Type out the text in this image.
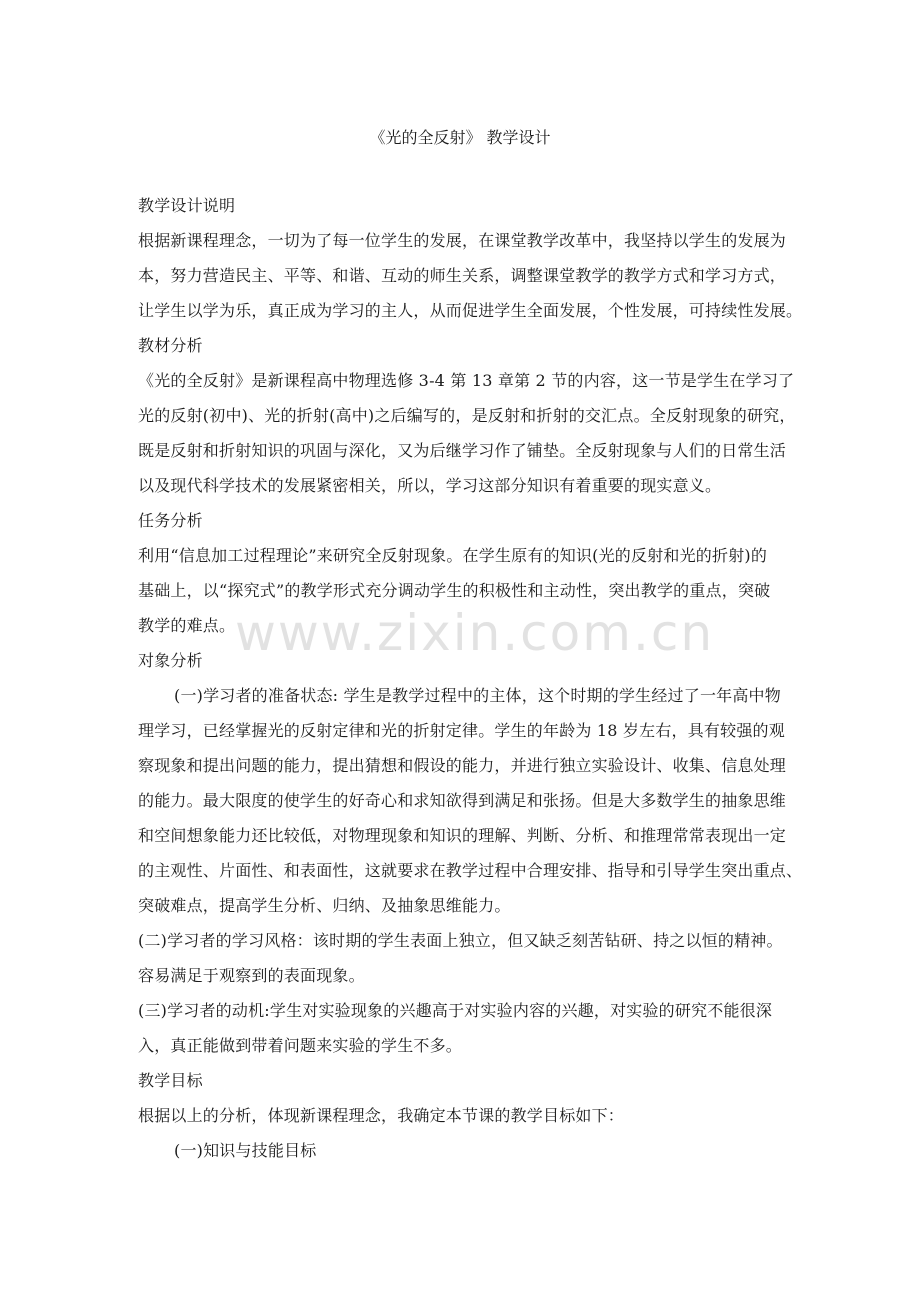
《光的全反射》 教学设计
教学设计说明
根据新课程理念，一切为了每一位学生的发展，在课堂教学改革中，我坚持以学生的发展为
本，努力营造民主、平等、和谐、互动的师生关系，调整课堂教学的教学方式和学习方式，
让学生以学为乐，真正成为学习的主人，从而促进学生全面发展，个性发展，可持续性发展。
教材分析
《光的全反射》是新课程高中物理选修 3-4 第 13 章第 2 节的内容，这一节是学生在学习了
光的反射(初中)、光的折射(高中)之后编写的，是反射和折射的交汇点。全反射现象的研究，
既是反射和折射知识的巩固与深化，又为后继学习作了铺垫。全反射现象与人们的日常生活
以及现代科学技术的发展紧密相关，所以，学习这部分知识有着重要的现实意义。
任务分析
利用“信息加工过程理论”来研究全反射现象。在学生原有的知识(光的反射和光的折射)的
基础上，以“探究式”的教学形式充分调动学生的积极性和主动性，突出教学的重点，突破
教学的难点。
对象分析
(一)学习者的准备状态: 学生是教学过程中的主体，这个时期的学生经过了一年高中物
理学习，已经掌握光的反射定律和光的折射定律。学生的年龄为 18 岁左右，具有较强的观
察现象和提出问题的能力，提出猜想和假设的能力，并进行独立实验设计、收集、信息处理
的能力。最大限度的使学生的好奇心和求知欲得到满足和张扬。但是大多数学生的抽象思维
和空间想象能力还比较低，对物理现象和知识的理解、判断、分析、和推理常常表现出一定
的主观性、片面性、和表面性，这就要求在教学过程中合理安排、指导和引导学生突出重点、
突破难点，提高学生分析、归纳、及抽象思维能力。
(二)学习者的学习风格：该时期的学生表面上独立，但又缺乏刻苦钻研、持之以恒的精神。
容易满足于观察到的表面现象。
(三)学习者的动机:学生对实验现象的兴趣高于对实验内容的兴趣，对实验的研究不能很深
入，真正能做到带着问题来实验的学生不多。
教学目标
根据以上的分析，体现新课程理念，我确定本节课的教学目标如下：
(一)知识与技能目标
www.zixin.com.cn
